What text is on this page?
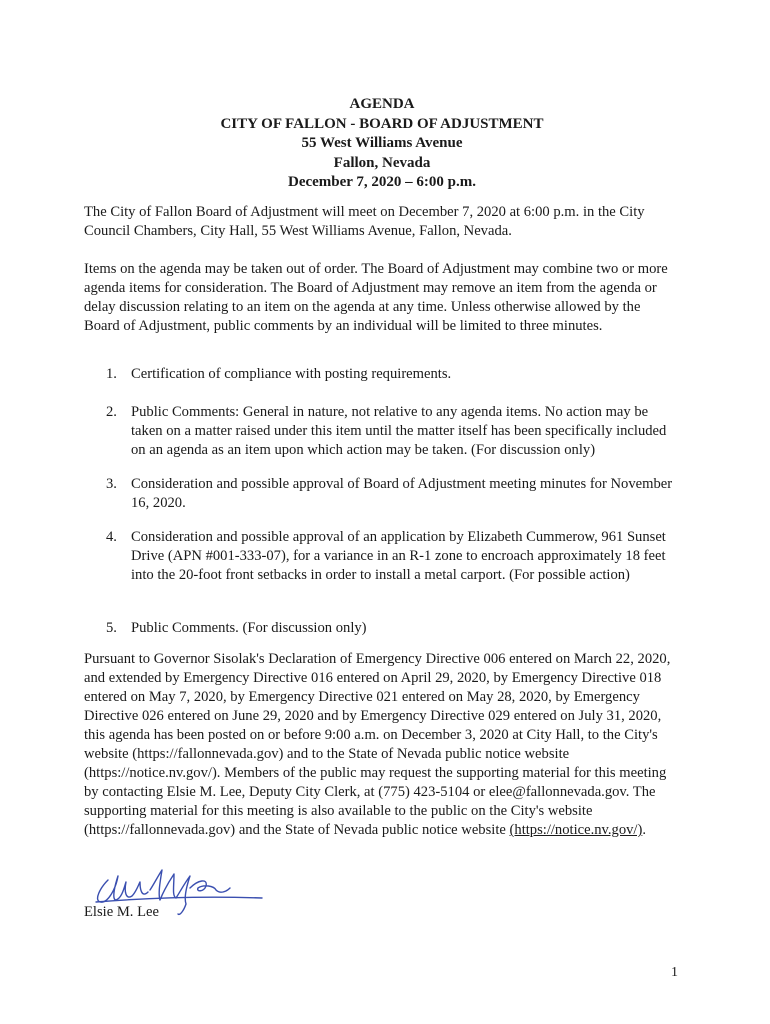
AGENDA
CITY OF FALLON - BOARD OF ADJUSTMENT
55 West Williams Avenue
Fallon, Nevada
December 7, 2020 – 6:00 p.m.

The City of Fallon Board of Adjustment will meet on December 7, 2020 at 6:00 p.m. in the City Council Chambers, City Hall, 55 West Williams Avenue, Fallon, Nevada.

Items on the agenda may be taken out of order. The Board of Adjustment may combine two or more agenda items for consideration. The Board of Adjustment may remove an item from the agenda or delay discussion relating to an item on the agenda at any time. Unless otherwise allowed by the Board of Adjustment, public comments by an individual will be limited to three minutes.

1. Certification of compliance with posting requirements.
2. Public Comments: General in nature, not relative to any agenda items. No action may be taken on a matter raised under this item until the matter itself has been specifically included on an agenda as an item upon which action may be taken. (For discussion only)
3. Consideration and possible approval of Board of Adjustment meeting minutes for November 16, 2020.
4. Consideration and possible approval of an application by Elizabeth Cummerow, 961 Sunset Drive (APN #001-333-07), for a variance in an R-1 zone to encroach approximately 18 feet into the 20-foot front setbacks in order to install a metal carport. (For possible action)
5. Public Comments. (For discussion only)

Pursuant to Governor Sisolak's Declaration of Emergency Directive 006 entered on March 22, 2020, and extended by Emergency Directive 016 entered on April 29, 2020, by Emergency Directive 018 entered on May 7, 2020, by Emergency Directive 021 entered on May 28, 2020, by Emergency Directive 026 entered on June 29, 2020 and by Emergency Directive 029 entered on July 31, 2020, this agenda has been posted on or before 9:00 a.m. on December 3, 2020 at City Hall, to the City's website (https://fallonnevada.gov) and to the State of Nevada public notice website (https://notice.nv.gov/). Members of the public may request the supporting material for this meeting by contacting Elsie M. Lee, Deputy City Clerk, at (775) 423-5104 or elee@fallonnevada.gov. The supporting material for this meeting is also available to the public on the City's website (https://fallonnevada.gov) and the State of Nevada public notice website (https://notice.nv.gov/).

Elsie M. Lee
1
